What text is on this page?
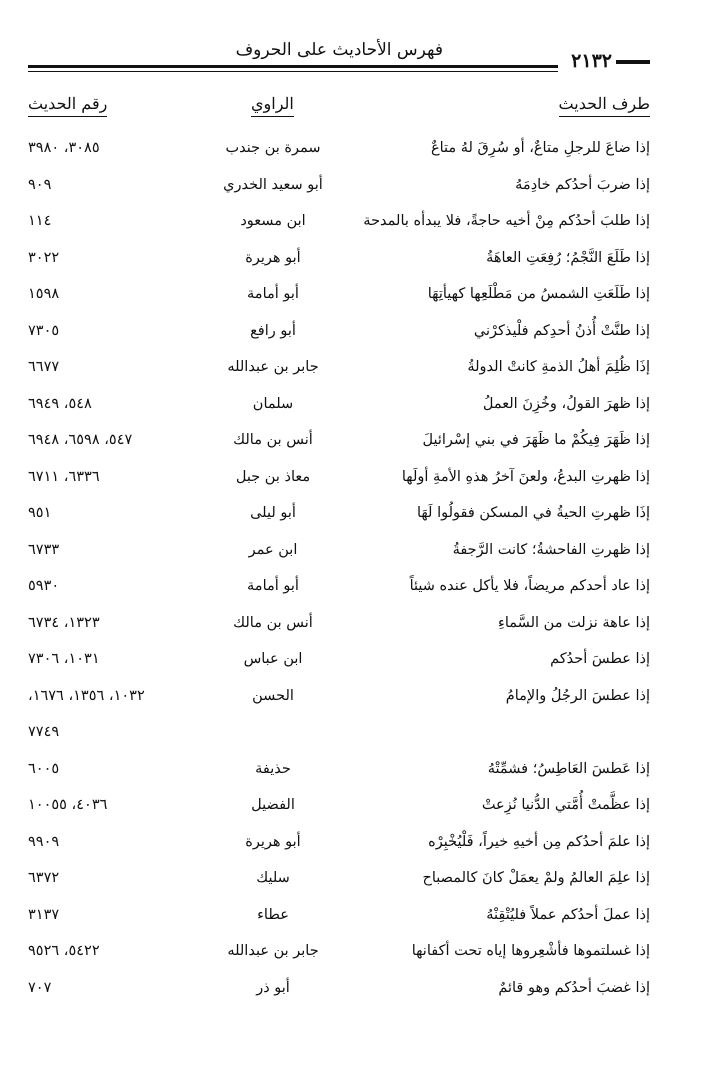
فهرس الأحاديث على الحروف	٢١٣٢
طرف الحديث
الراوي
رقم الحديث
إذا ضاعَ للرجلِ متاعٌ، أو سُرِقَ لهُ متاعٌ
سمرة بن جندب
٣٠٨٥، ٣٩٨٠
إذا ضربَ أحدُكم خادِمَهُ
أبو سعيد الخدري
٩٠٩
إذا طلبَ أحدُكم مِنْ أخيه حاجةً، فلا يبدأه بالمدحة
ابن مسعود
١١٤
إذا طَلَعَ النَّجْمُ؛ رُفِعَتِ العاهَةُ
أبو هريرة
٣٠٢٢
إذا طَلَعَتِ الشمسُ من مَطْلَعِها كهيأتِهَا
أبو أمامة
١٥٩٨
إذا طنَّتْ أُذنُ أحدِكم فلْيذكرْني
أبو رافع
٧٣٠٥
إذَا ظُلِمَ أهلُ الذمةِ كانتْ الدولةُ
جابر بن عبدالله
٦٦٧٧
إذا ظهرَ القولُ، وخُزِنَ العملُ
سلمان
٥٤٨، ٦٩٤٩
إذا ظَهَرَ فِيكُمْ ما ظَهَرَ في بني إسْرائيلَ
أنس بن مالك
٥٤٧، ٦٥٩٨، ٦٩٤٨
إذا ظهرتِ البدعُ، ولعنَ آخرُ هذهِ الأمةِ أولَها
معاذ بن جبل
٦٣٣٦، ٦٧١١
إذَا ظهرتِ الحيةُ في المسكن فقولُوا لَهَا
أبو ليلى
٩٥١
إذا ظهرتِ الفاحشةُ؛ كانت الرَّجفةُ
ابن عمر
٦٧٣٣
إذا عاد أحدكم مريضاً، فلا يأكل عنده شيئاً
أبو أمامة
٥٩٣٠
إذا عاهة نزلت من السَّماءِ
أنس بن مالك
١٣٢٣، ٦٧٣٤
إذا عطسَ أحدُكم
ابن عباس
١٠٣١، ٧٣٠٦
إذا عطسَ الرجُلُ والإمامُ
الحسن
١٠٣٢، ١٣٥٦، ١٦٧٦،
٧٧٤٩
إذا عَطسَ العَاطِسُ؛ فشمِّتْهُ
حذيفة
٦٠٠٥
إذا عظَّمتْ أُمَّتي الدُّنيا نُزِعتْ
الفضيل
٤٠٣٦، ١٠٠٥٥
إذا علمَ أحدُكم مِن أخيهِ خيراً، فَلْيُخْبِرْه
أبو هريرة
٩٩٠٩
إذا علِمَ العالمُ ولمْ يعمَلْ كانَ كالمصباح
سليك
٦٣٧٢
إذا عملَ أحدُكم عملاً فليُتْقِنْهُ
عطاء
٣١٣٧
إذا غسلتموها فأشْعِروها إياه تحت أكفانها
جابر بن عبدالله
٥٤٢٢، ٩٥٢٦
إذا غضبَ أحدُكم وهو قائمٌ
أبو ذر
٧٠٧
